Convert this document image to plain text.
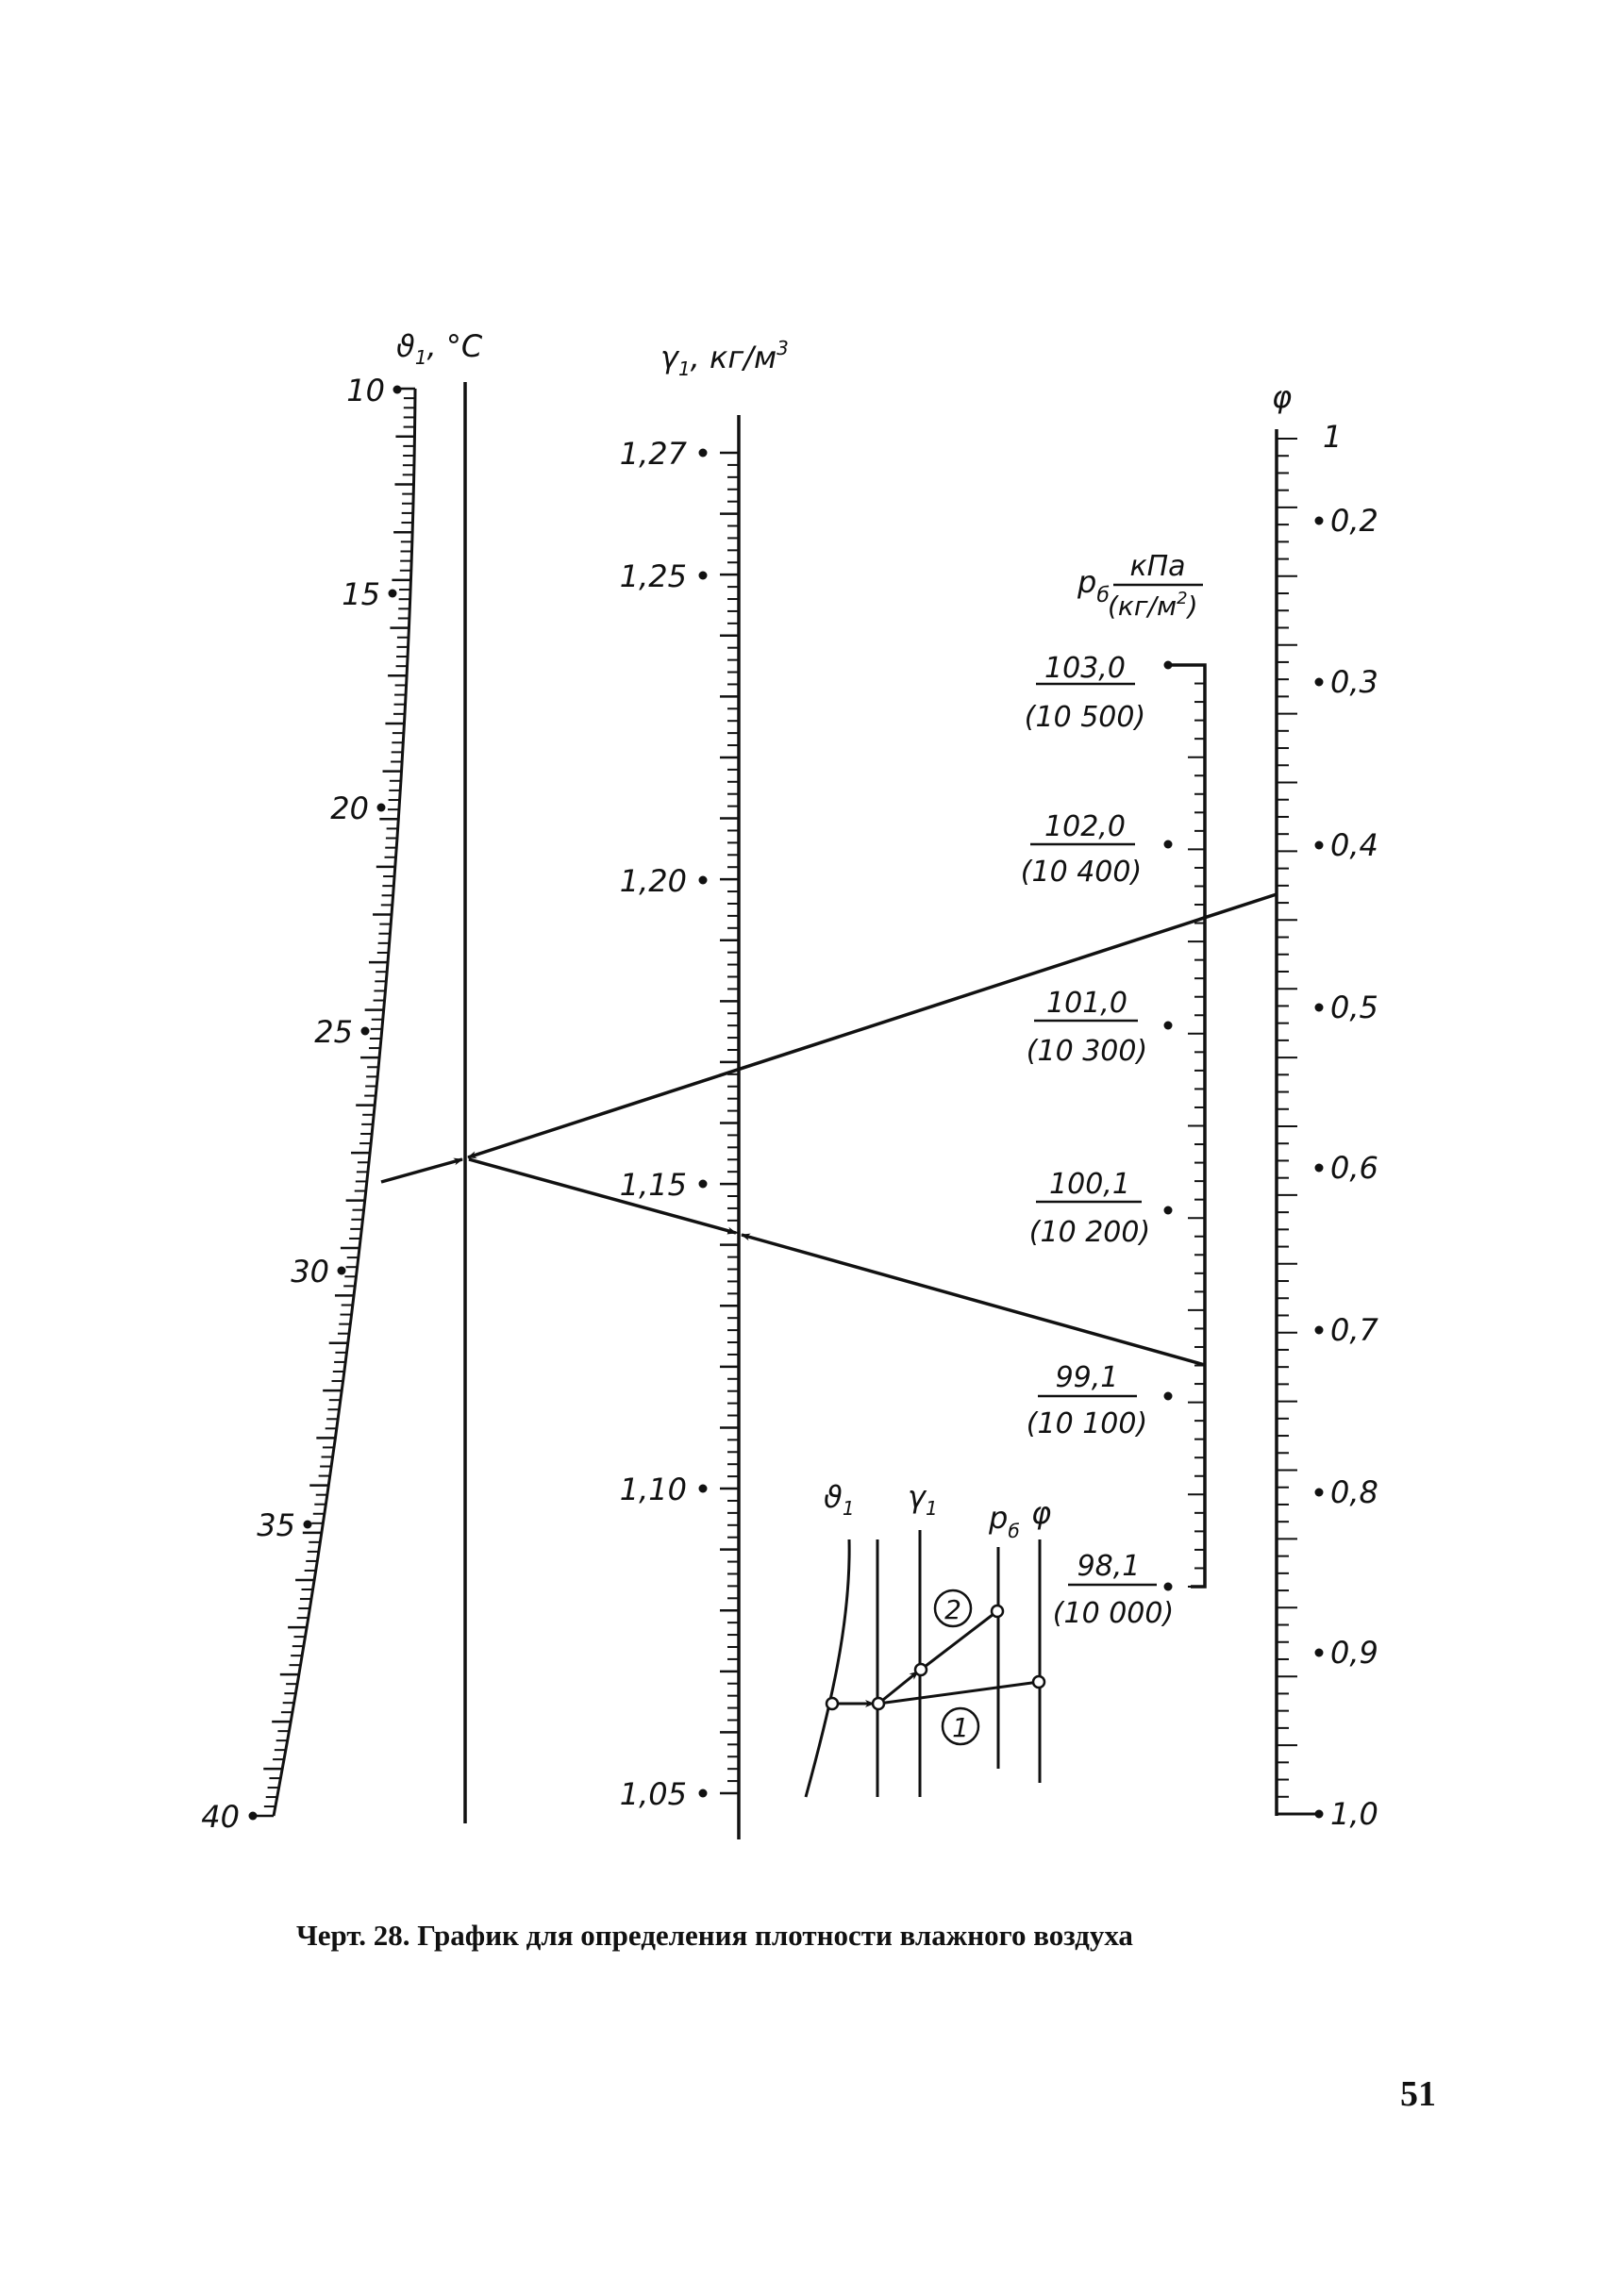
$ϑ_1$, °C
10
15
20
25
30
35
40
$\gamma_1$, $кг/м^3$
1,27
1,25
1,20
1,15
1,10
1,05
$p_б$
кПа
$(кг/м^2)$
103,0
(10 500)
102,0
(10 400)
101,0
(10 300)
100,1
(10 200)
99,1
(10 100)
98,1
(10 000)
φ
1
0,2
0,3
0,4
0,5
0,6
0,7
0,8
0,9
1,0
$ϑ_1$ $\gamma_1$ $p_б$ φ
2
1
Черт. 28. График для определения плотности влажного воздуха
51
